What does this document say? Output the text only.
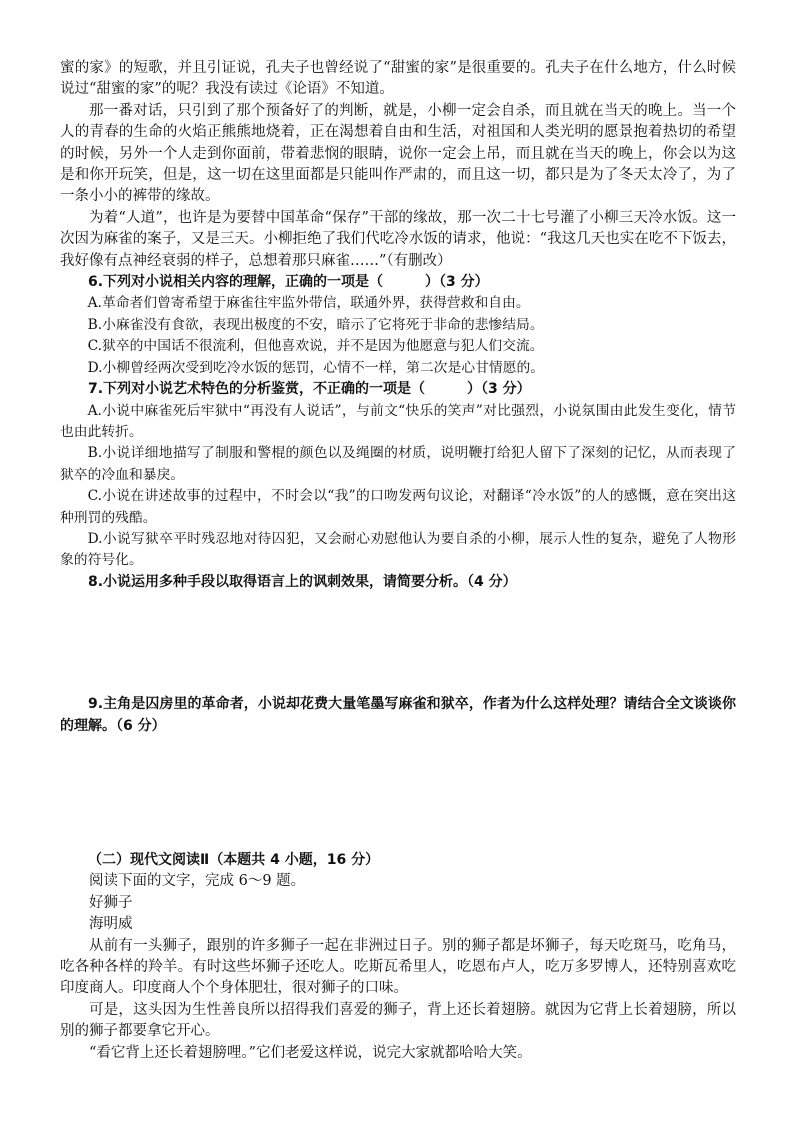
蜜的家》的短歌，并且引证说，孔夫子也曾经说了“甜蜜的家”是很重要的。孔夫子在什么地方，什么时候说过“甜蜜的家”的呢？我没有读过《论语》不知道。

那一番对话，只引到了那个预备好了的判断，就是，小柳一定会自杀，而且就在当天的晚上。当一个人的青春的生命的火焰正熊熊地烧着，正在渴想着自由和生活，对祖国和人类光明的愿景抱着热切的希望的时候，另外一个人走到你面前，带着悲悯的眼睛，说你一定会上吊，而且就在当天的晚上，你会以为这是和你开玩笑，但是，这一切在这里面都是只能叫作严肃的，而且这一切，都只是为了冬天太冷了，为了一条小小的裤带的缘故。

为着“人道”，也许是为要替中国革命“保存”干部的缘故，那一次二十七号灌了小柳三天冷水饭。这一次因为麻雀的案子，又是三天。小柳拒绝了我们代吃冷水饭的请求，他说：“我这几天也实在吃不下饭去，我好像有点神经衰弱的样子，总想着那只麻雀……”（有删改）

6.下列对小说相关内容的理解，正确的一项是（　　　）（3 分）

A.革命者们曾寄希望于麻雀往牢监外带信，联通外界，获得营救和自由。

B.小麻雀没有食欲，表现出极度的不安，暗示了它将死于非命的悲惨结局。

C.狱卒的中国话不很流利，但他喜欢说，并不是因为他愿意与犯人们交流。

D.小柳曾经两次受到吃冷水饭的惩罚，心情不一样，第二次是心甘情愿的。

7.下列对小说艺术特色的分析鉴赏，不正确的一项是（　　　）（3 分）

A.小说中麻雀死后牢狱中“再没有人说话”，与前文“快乐的笑声”对比强烈，小说氛围由此发生变化，情节也由此转折。

B.小说详细地描写了制服和警棍的颜色以及绳圈的材质，说明鞭打给犯人留下了深刻的记忆，从而表现了狱卒的冷血和暴戾。

C.小说在讲述故事的过程中，不时会以“我”的口吻发两句议论，对翻译“冷水饭”的人的感慨，意在突出这种刑罚的残酷。

D.小说写狱卒平时残忍地对待囚犯，又会耐心劝慰他认为要自杀的小柳，展示人性的复杂，避免了人物形象的符号化。

8.小说运用多种手段以取得语言上的讽刺效果，请简要分析。（4 分）

9.主角是囚房里的革命者，小说却花费大量笔墨写麻雀和狱卒，作者为什么这样处理？请结合全文谈谈你的理解。（6 分）

（二）现代文阅读Ⅱ（本题共 4 小题，16 分）

阅读下面的文字，完成 6～9 题。

好狮子

海明威

从前有一头狮子，跟别的许多狮子一起在非洲过日子。别的狮子都是坏狮子，每天吃斑马，吃角马，吃各种各样的羚羊。有时这些坏狮子还吃人。吃斯瓦希里人，吃恩布卢人，吃万多罗博人，还特别喜欢吃印度商人。印度商人个个身体肥壮，很对狮子的口味。

可是，这头因为生性善良所以招得我们喜爱的狮子，背上还长着翅膀。就因为它背上长着翅膀，所以别的狮子都要拿它开心。

“看它背上还长着翅膀哩。”它们老爱这样说，说完大家就都哈哈大笑。
